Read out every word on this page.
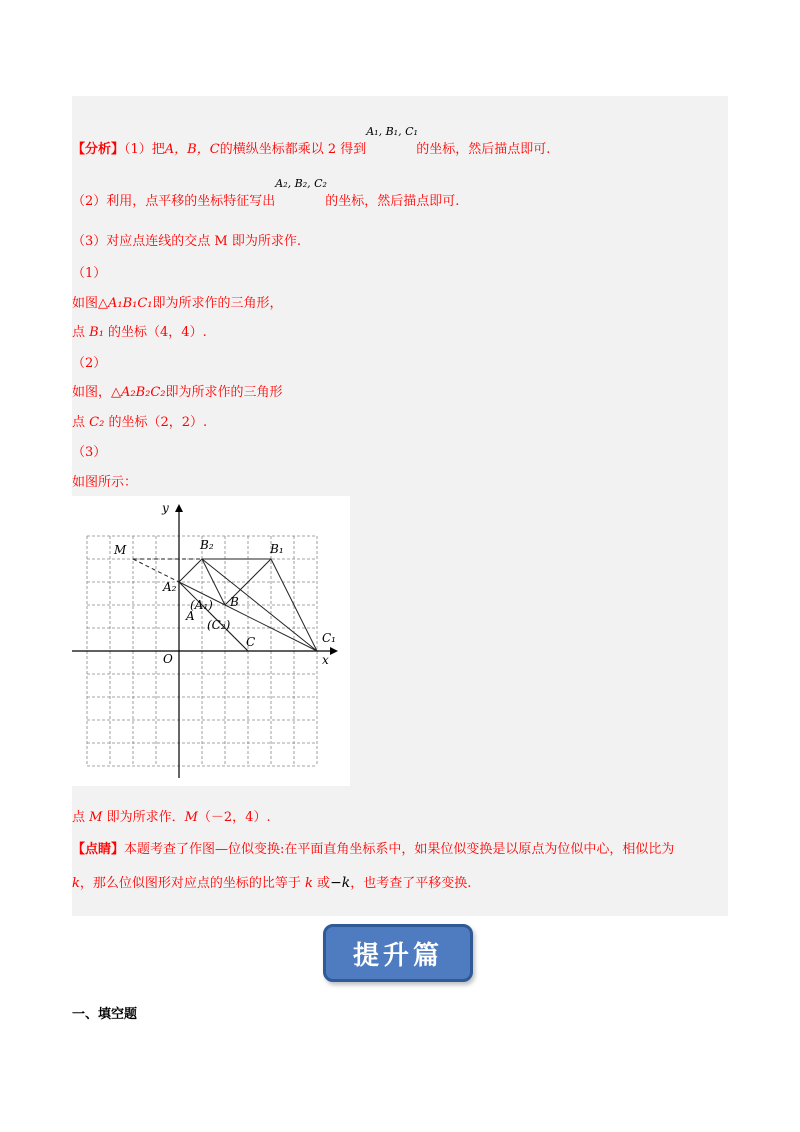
【分析】（1）把A，B，C的横纵坐标都乘以 2 得到
A₁, B₁, C₁
的坐标，然后描点即可.
（2）利用，点平移的坐标特征写出
A₂, B₂, C₂
的坐标，然后描点即可.
（3）对应点连线的交点 M 即为所求作.
（1）
如图△A₁B₁C₁即为所求作的三角形，
点 B₁ 的坐标（4，4）.
（2）
如图，△A₂B₂C₂即为所求作的三角形
点 C₂ 的坐标（2，2）.
（3）
如图所示：
y
x
O
M	B₂	B₁
A₂
(A₁) B
A
(C₂)
C	C₁
点 M 即为所求作．M（－2，4）.
【点睛】本题考查了作图—位似变换:在平面直角坐标系中，如果位似变换是以原点为位似中心，相似比为
k，那么位似图形对应点的坐标的比等于 k 或−k，也考查了平移变换.
提升篇
一、填空题
